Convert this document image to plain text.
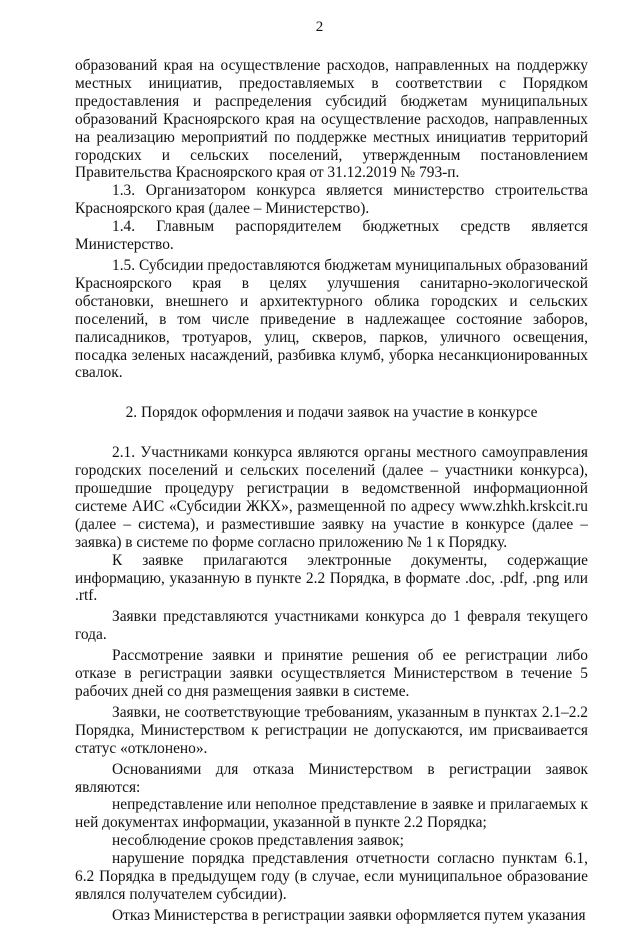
2

образований края на осуществление расходов, направленных на поддержку местных инициатив, предоставляемых в соответствии с Порядком предоставления и распределения субсидий бюджетам муниципальных образований Красноярского края на осуществление расходов, направленных на реализацию мероприятий по поддержке местных инициатив территорий городских и сельских поселений, утвержденным постановлением Правительства Красноярского края от 31.12.2019 № 793-п.

1.3. Организатором конкурса является министерство строительства Красноярского края (далее – Министерство).

1.4. Главным распорядителем бюджетных средств является Министерство.

1.5. Субсидии предоставляются бюджетам муниципальных образований Красноярского края в целях улучшения санитарно-экологической обстановки, внешнего и архитектурного облика городских и сельских поселений, в том числе приведение в надлежащее состояние заборов, палисадников, тротуаров, улиц, скверов, парков, уличного освещения, посадка зеленых насаждений, разбивка клумб, уборка несанкционированных свалок.

2. Порядок оформления и подачи заявок на участие в конкурсе

2.1. Участниками конкурса являются органы местного самоуправления городских поселений и сельских поселений (далее – участники конкурса), прошедшие процедуру регистрации в ведомственной информационной системе АИС «Субсидии ЖКХ», размещенной по адресу www.zhkh.krskcit.ru (далее – система), и разместившие заявку на участие в конкурсе (далее – заявка) в системе по форме согласно приложению № 1 к Порядку.

К заявке прилагаются электронные документы, содержащие информацию, указанную в пункте 2.2 Порядка, в формате .doc, .pdf, .png или .rtf.

Заявки представляются участниками конкурса до 1 февраля текущего года.

Рассмотрение заявки и принятие решения об ее регистрации либо отказе в регистрации заявки осуществляется Министерством в течение 5 рабочих дней со дня размещения заявки в системе.

Заявки, не соответствующие требованиям, указанным в пунктах 2.1–2.2 Порядка, Министерством к регистрации не допускаются, им присваивается статус «отклонено».

Основаниями для отказа Министерством в регистрации заявок являются:

непредставление или неполное представление в заявке и прилагаемых к ней документах информации, указанной в пункте 2.2 Порядка;

несоблюдение сроков представления заявок;

нарушение порядка представления отчетности согласно пунктам 6.1, 6.2 Порядка в предыдущем году (в случае, если муниципальное образование являлся получателем субсидии).

Отказ Министерства в регистрации заявки оформляется путем указания
